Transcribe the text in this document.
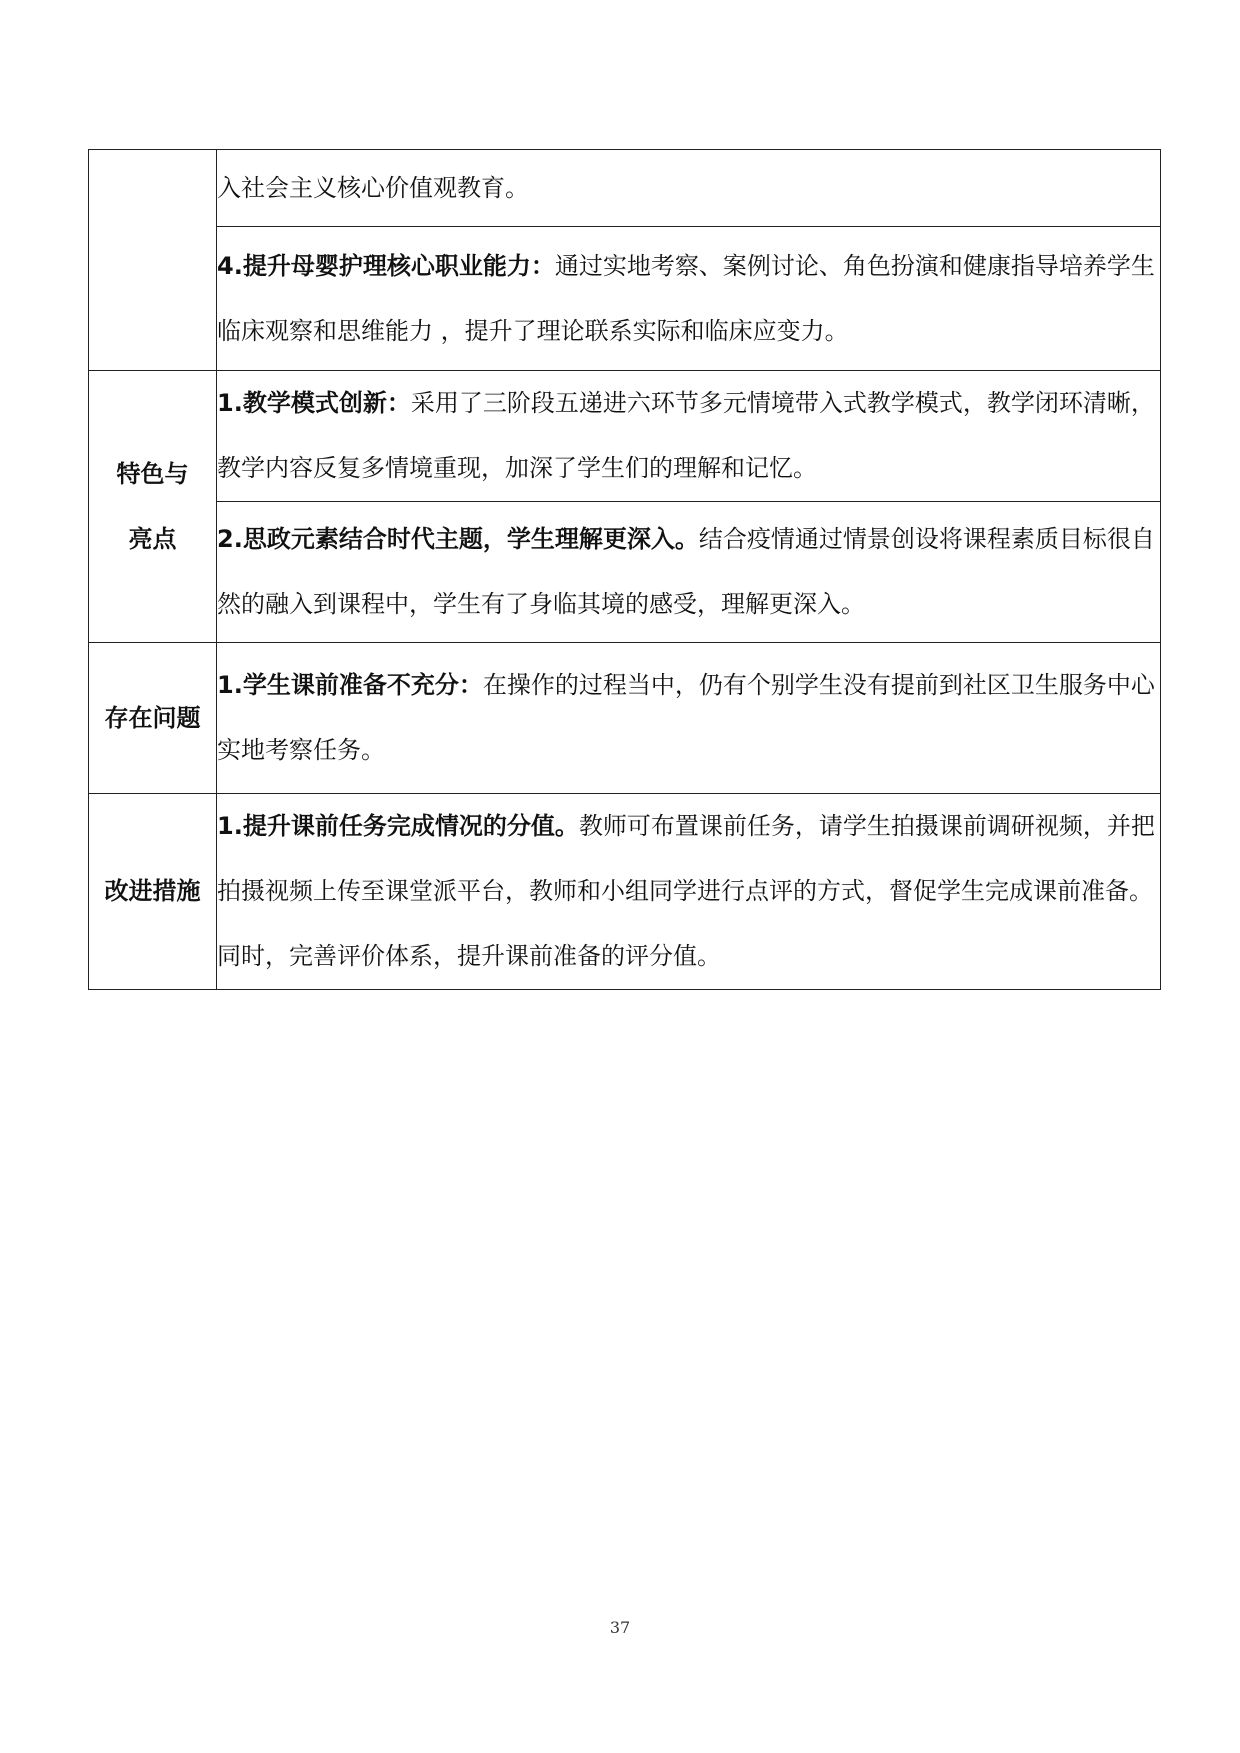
	入社会主义核心价值观教育。

	4.提升母婴护理核心职业能力：通过实地考察、案例讨论、角色扮演和健康指导培养学生临床观察和思维能力 ，提升了理论联系实际和临床应变力。

特色与
亮点	1.教学模式创新：采用了三阶段五递进六环节多元情境带入式教学模式，教学闭环清晰，教学内容反复多情境重现，加深了学生们的理解和记忆。

	2.思政元素结合时代主题，学生理解更深入。结合疫情通过情景创设将课程素质目标很自然的融入到课程中，学生有了身临其境的感受，理解更深入。

存在问题	1.学生课前准备不充分：在操作的过程当中，仍有个别学生没有提前到社区卫生服务中心实地考察任务。

改进措施	1.提升课前任务完成情况的分值。教师可布置课前任务，请学生拍摄课前调研视频，并把拍摄视频上传至课堂派平台，教师和小组同学进行点评的方式，督促学生完成课前准备。同时，完善评价体系，提升课前准备的评分值。

37
